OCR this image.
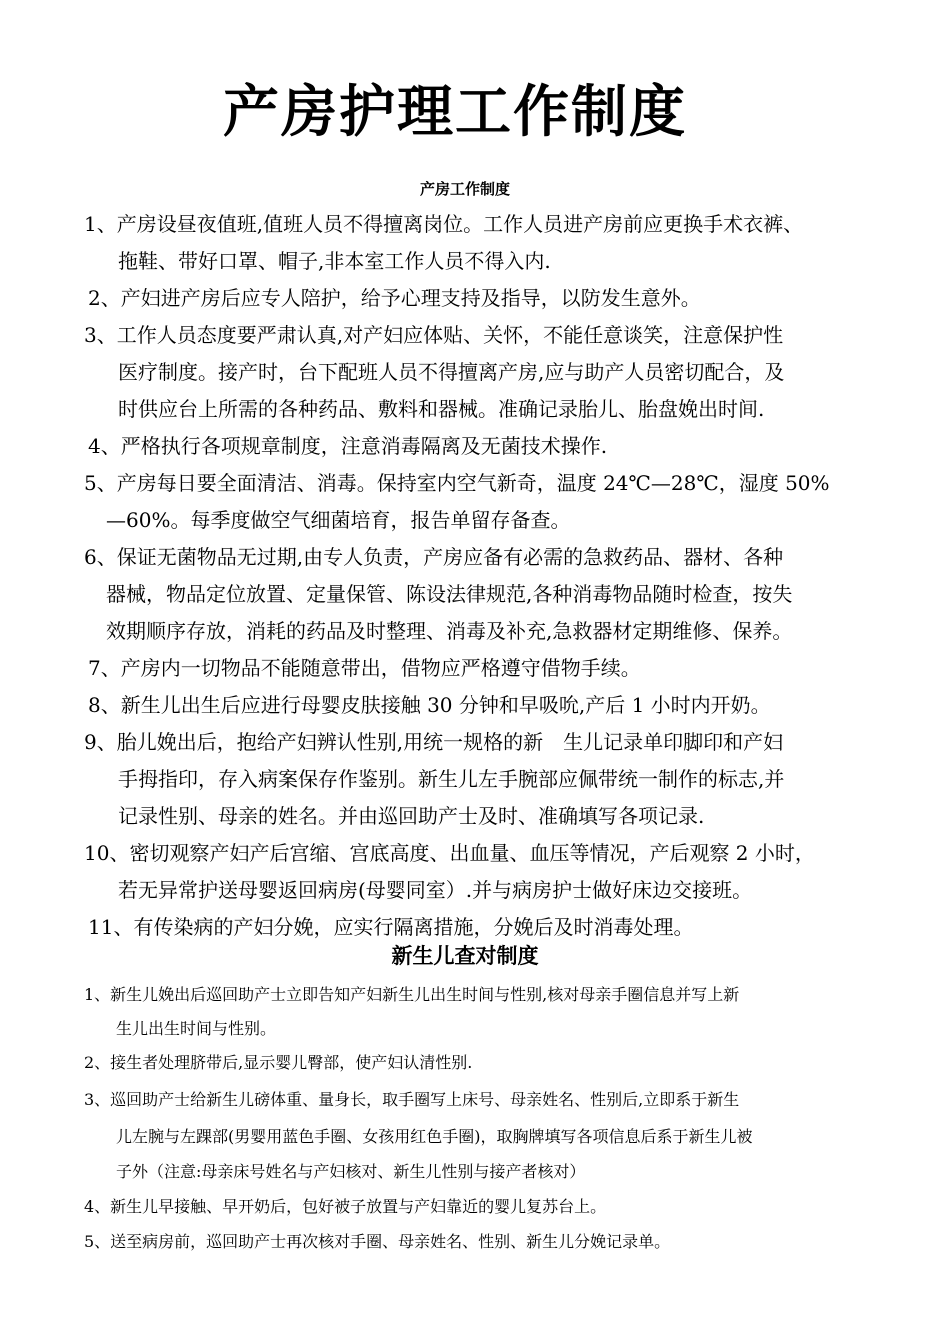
产房护理工作制度
产房工作制度
1、产房设昼夜值班,值班人员不得擅离岗位。工作人员进产房前应更换手术衣裤、
拖鞋、带好口罩、帽子,非本室工作人员不得入内.
2、产妇进产房后应专人陪护，给予心理支持及指导，以防发生意外。
3、工作人员态度要严肃认真,对产妇应体贴、关怀，不能任意谈笑，注意保护性
医疗制度。接产时，台下配班人员不得擅离产房,应与助产人员密切配合，及
时供应台上所需的各种药品、敷料和器械。准确记录胎儿、胎盘娩出时间.
4、严格执行各项规章制度，注意消毒隔离及无菌技术操作.
5、产房每日要全面清洁、消毒。保持室内空气新奇，温度 24℃—28℃，湿度 50%
—60%。每季度做空气细菌培育，报告单留存备查。
6、保证无菌物品无过期,由专人负责，产房应备有必需的急救药品、器材、各种
器械，物品定位放置、定量保管、陈设法律规范,各种消毒物品随时检查，按失
效期顺序存放，消耗的药品及时整理、消毒及补充,急救器材定期维修、保养。
7、产房内一切物品不能随意带出，借物应严格遵守借物手续。
8、新生儿出生后应进行母婴皮肤接触 30 分钟和早吸吮,产后 1 小时内开奶。
9、胎儿娩出后，抱给产妇辨认性别,用统一规格的新　生儿记录单印脚印和产妇
手拇指印，存入病案保存作鉴别。新生儿左手腕部应佩带统一制作的标志,并
记录性别、母亲的姓名。并由巡回助产士及时、准确填写各项记录.
10、密切观察产妇产后宫缩、宫底高度、出血量、血压等情况，产后观察 2 小时，
若无异常护送母婴返回病房(母婴同室）.并与病房护士做好床边交接班。
11、有传染病的产妇分娩，应实行隔离措施，分娩后及时消毒处理。
新生儿查对制度
1、新生儿娩出后巡回助产士立即告知产妇新生儿出生时间与性别,核对母亲手圈信息并写上新
生儿出生时间与性别。
2、接生者处理脐带后,显示婴儿臀部，使产妇认清性别.
3、巡回助产士给新生儿磅体重、量身长，取手圈写上床号、母亲姓名、性别后,立即系于新生
儿左腕与左踝部(男婴用蓝色手圈、女孩用红色手圈)，取胸牌填写各项信息后系于新生儿被
子外（注意:母亲床号姓名与产妇核对、新生儿性别与接产者核对）
4、新生儿早接触、早开奶后，包好被子放置与产妇靠近的婴儿复苏台上。
5、送至病房前，巡回助产士再次核对手圈、母亲姓名、性别、新生儿分娩记录单。
